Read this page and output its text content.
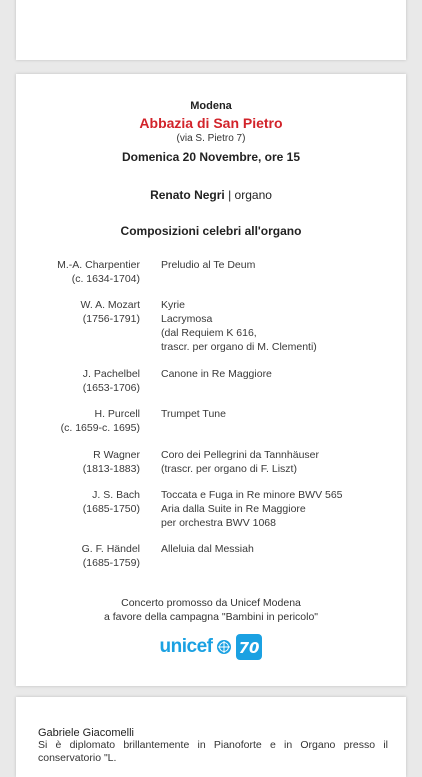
Modena
Abbazia di San Pietro
(via S. Pietro 7)
Domenica 20 Novembre, ore 15
Renato Negri | organo
Composizioni celebri all'organo
M.-A. Charpentier
(c. 1634-1704)
Preludio al Te Deum
W. A. Mozart
(1756-1791)
Kyrie
Lacrymosa
(dal Requiem K 616,
trascr. per organo di M. Clementi)
J. Pachelbel
(1653-1706)
Canone in Re Maggiore
H. Purcell
(c. 1659-c. 1695)
Trumpet Tune
R Wagner
(1813-1883)
Coro dei Pellegrini da Tannhäuser
(trascr. per organo di F. Liszt)
J. S. Bach
(1685-1750)
Toccata e Fuga in Re minore BWV 565
Aria dalla Suite in Re Maggiore
per orchestra BWV 1068
G. F. Händel
(1685-1759)
Alleluia dal Messiah
Concerto promosso da Unicef Modena
a favore della campagna "Bambini in pericolo"
unicef 70
Gabriele Giacomelli
Si è diplomato brillantemente in Pianoforte e in Organo presso il conservatorio "L.
